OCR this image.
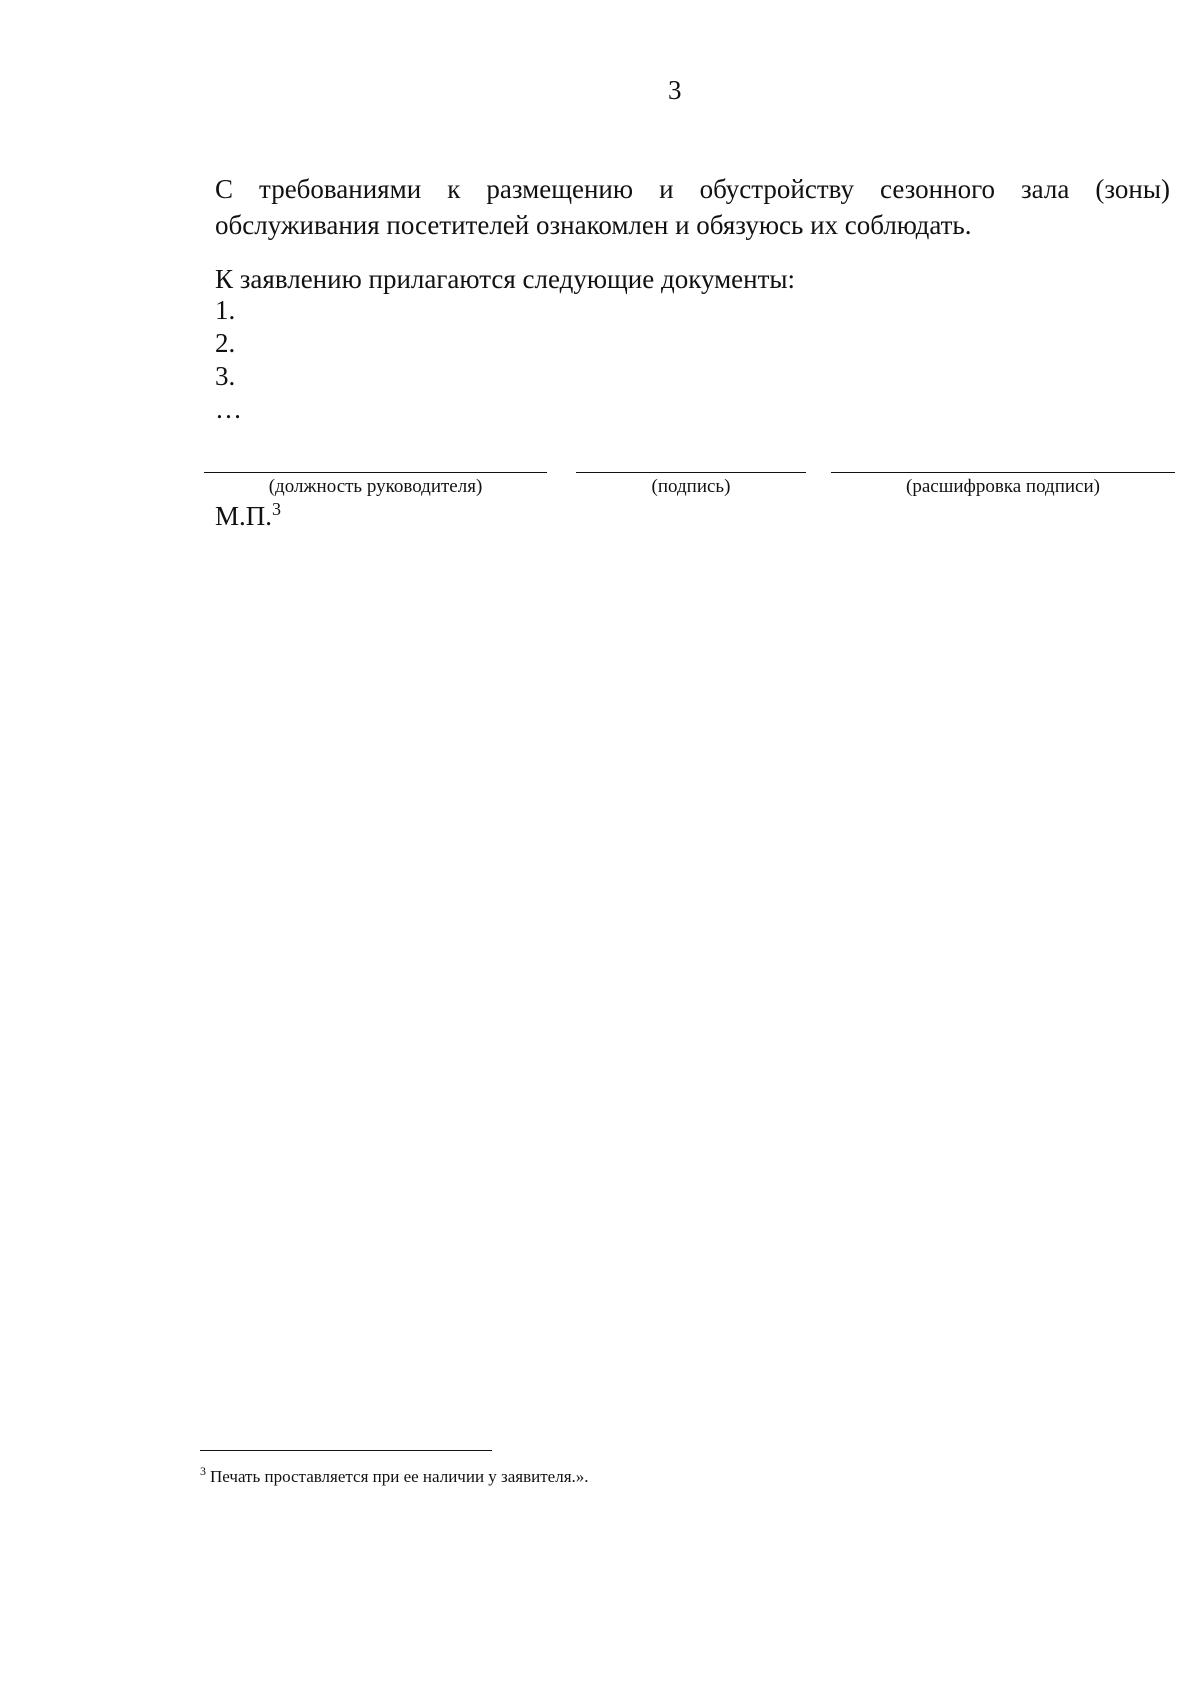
3
С требованиями к размещению и обустройству сезонного зала (зоны)
обслуживания посетителей ознакомлен и обязуюсь их соблюдать.
К заявлению прилагаются следующие документы:
1.
2.
3.
…
(должность руководителя)	(подпись)	(расшифровка подписи)
М.П.$^3$
$^3$ Печать проставляется при ее наличии у заявителя.».
